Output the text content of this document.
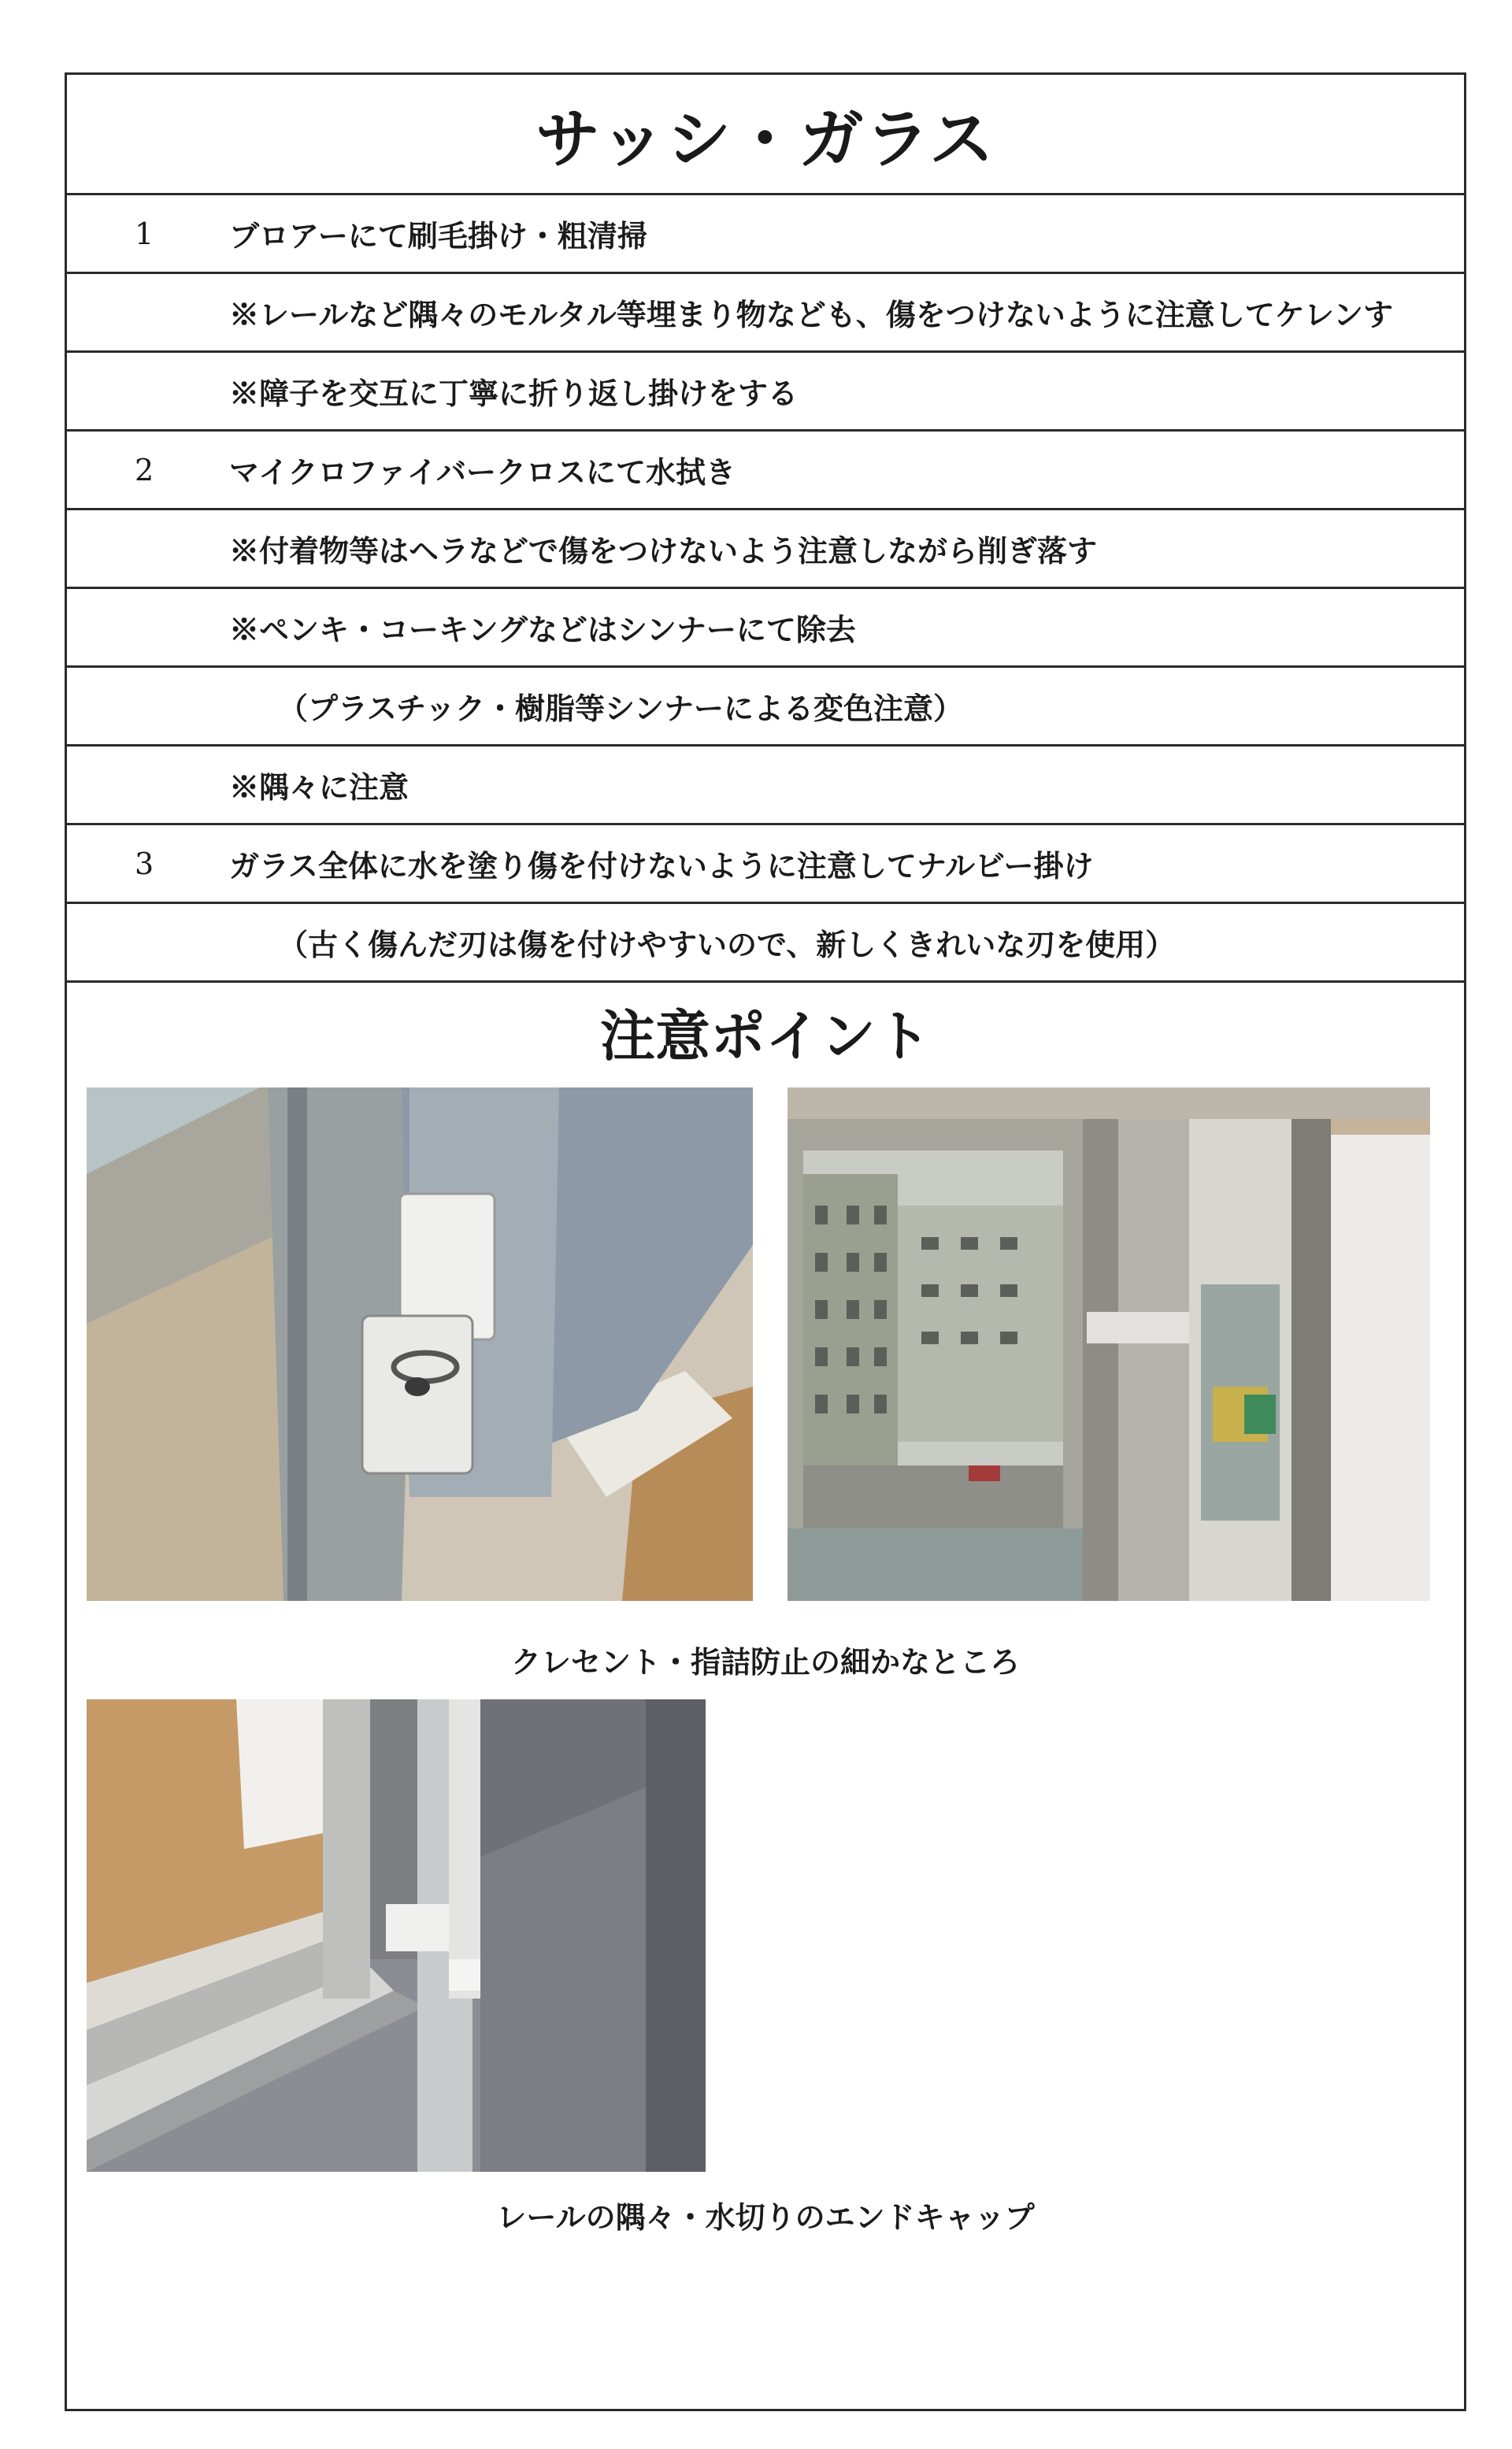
サッシ・ガラス
1	ブロアーにて刷毛掛け・粗清掃
※レールなど隅々のモルタル等埋まり物なども、傷をつけないように注意してケレンす
※障子を交互に丁寧に折り返し掛けをする
2	マイクロファイバークロスにて水拭き
※付着物等はヘラなどで傷をつけないよう注意しながら削ぎ落す
※ペンキ・コーキングなどはシンナーにて除去
（プラスチック・樹脂等シンナーによる変色注意）
※隅々に注意
3	ガラス全体に水を塗り傷を付けないように注意してナルビー掛け
（古く傷んだ刃は傷を付けやすいので、新しくきれいな刃を使用）
注意ポイント
クレセント・指詰防止の細かなところ
レールの隅々・水切りのエンドキャップ
